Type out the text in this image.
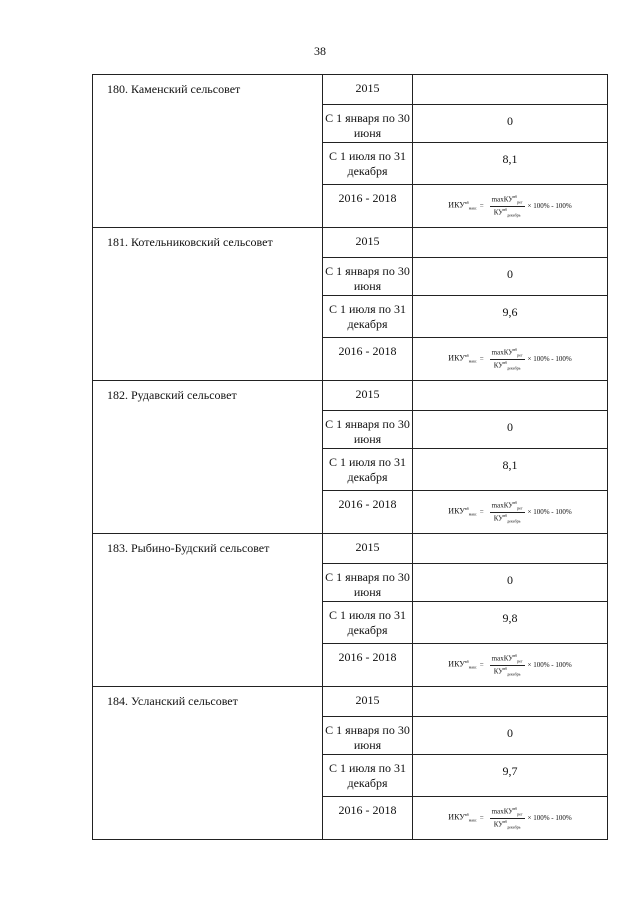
38
180. Каменский сельсовет	2015	
	С 1 января по 30 июня	0
	С 1 июля по 31 декабря	8,1
	2016 - 2018	$ИКУ^{вб}_{макс} = \frac{\max КУ^{вб}_{рег}}{КУ^{вб}_{декабрь}} \times 100\% - 100\%$

181. Котельниковский сельсовет	2015	
	С 1 января по 30 июня	0
	С 1 июля по 31 декабря	9,6
	2016 - 2018	$ИКУ^{вб}_{макс} = \frac{\max КУ^{вб}_{рег}}{КУ^{вб}_{декабрь}} \times 100\% - 100\%$

182. Рудавский сельсовет	2015	
	С 1 января по 30 июня	0
	С 1 июля по 31 декабря	8,1
	2016 - 2018	$ИКУ^{вб}_{макс} = \frac{\max КУ^{вб}_{рег}}{КУ^{вб}_{декабрь}} \times 100\% - 100\%$

183. Рыбино-Будский сельсовет	2015	
	С 1 января по 30 июня	0
	С 1 июля по 31 декабря	9,8
	2016 - 2018	$ИКУ^{вб}_{макс} = \frac{\max КУ^{вб}_{рег}}{КУ^{вб}_{декабрь}} \times 100\% - 100\%$

184. Усланский сельсовет	2015	
	С 1 января по 30 июня	0
	С 1 июля по 31 декабря	9,7
	2016 - 2018	$ИКУ^{вб}_{макс} = \frac{\max КУ^{вб}_{рег}}{КУ^{вб}_{декабрь}} \times 100\% - 100\%$
